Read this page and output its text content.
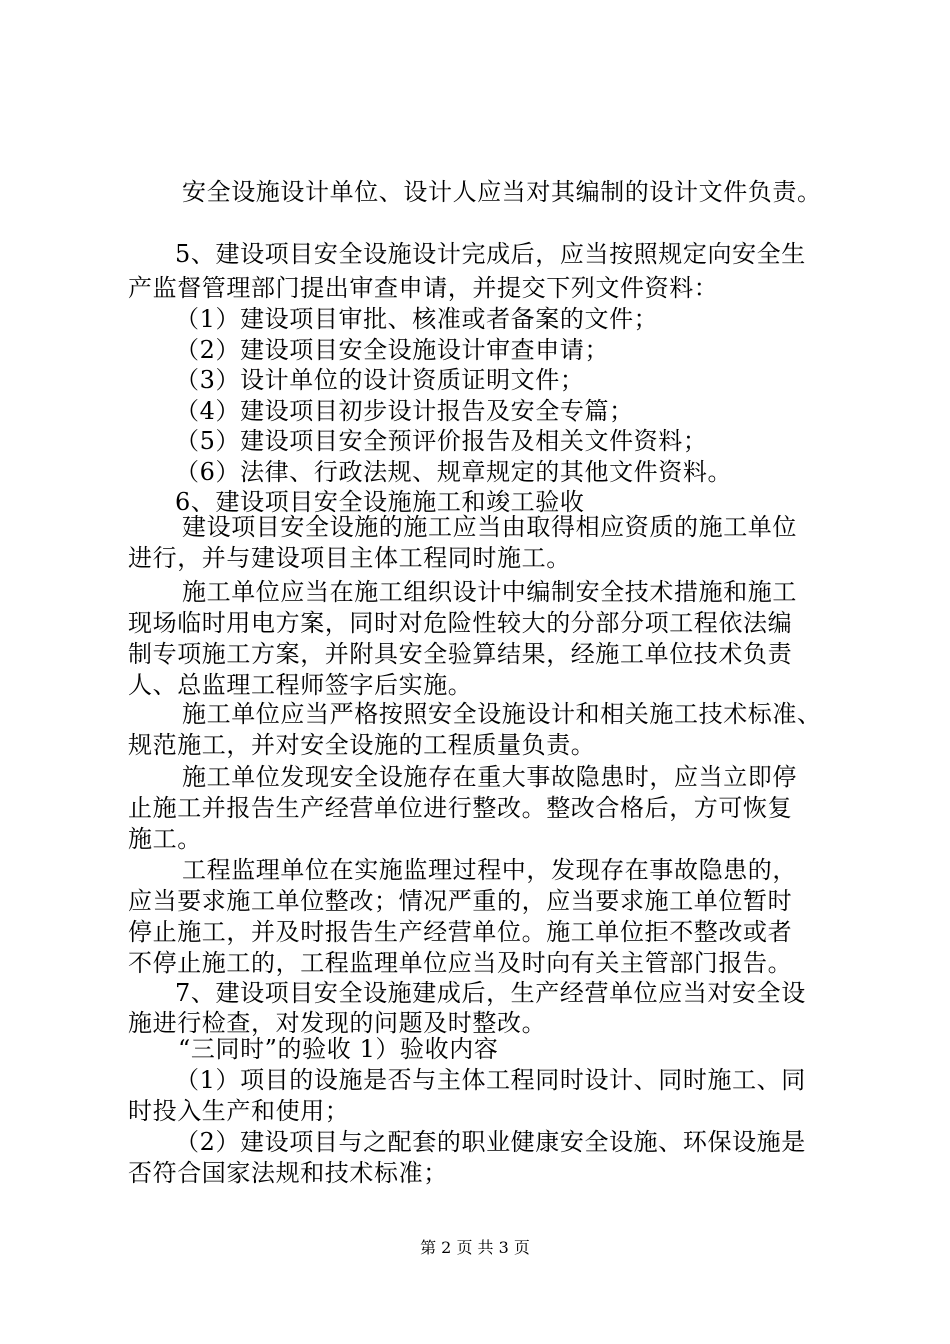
安全设施设计单位、设计人应当对其编制的设计文件负责。

5、建设项目安全设施设计完成后，应当按照规定向安全生

产监督管理部门提出审查申请，并提交下列文件资料：

（1）建设项目审批、核准或者备案的文件；

（2）建设项目安全设施设计审查申请；

（3）设计单位的设计资质证明文件；

（4）建设项目初步设计报告及安全专篇；

（5）建设项目安全预评价报告及相关文件资料；

（6）法律、行政法规、规章规定的其他文件资料。

6、建设项目安全设施施工和竣工验收

建设项目安全设施的施工应当由取得相应资质的施工单位

进行，并与建设项目主体工程同时施工。

施工单位应当在施工组织设计中编制安全技术措施和施工

现场临时用电方案，同时对危险性较大的分部分项工程依法编

制专项施工方案，并附具安全验算结果，经施工单位技术负责

人、总监理工程师签字后实施。

施工单位应当严格按照安全设施设计和相关施工技术标准、

规范施工，并对安全设施的工程质量负责。

施工单位发现安全设施存在重大事故隐患时，应当立即停

止施工并报告生产经营单位进行整改。整改合格后，方可恢复

施工。

工程监理单位在实施监理过程中，发现存在事故隐患的，

应当要求施工单位整改；情况严重的，应当要求施工单位暂时

停止施工，并及时报告生产经营单位。施工单位拒不整改或者

不停止施工的，工程监理单位应当及时向有关主管部门报告。

7、建设项目安全设施建成后，生产经营单位应当对安全设

施进行检查，对发现的问题及时整改。

“三同时”的验收 1）验收内容

（1）项目的设施是否与主体工程同时设计、同时施工、同

时投入生产和使用；

（2）建设项目与之配套的职业健康安全设施、环保设施是

否符合国家法规和技术标准；

第 2 页 共 3 页
